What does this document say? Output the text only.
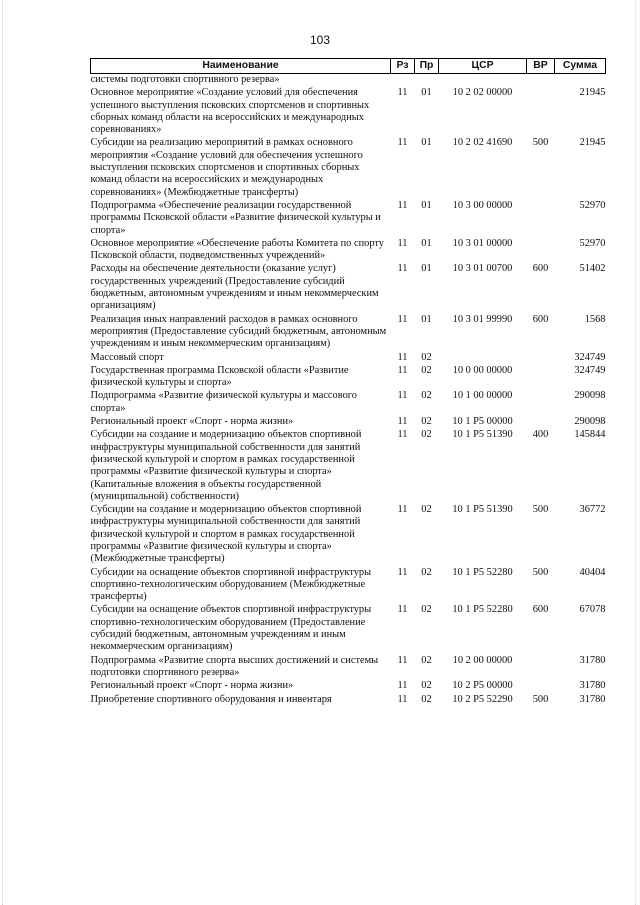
103
Наименование	Рз	Пр	ЦСР	ВР	Сумма
системы подготовки спортивного резерва»					
Основное мероприятие «Создание условий для обеспечения успешного выступления псковских спортсменов и спортивных сборных команд области на всероссийских и международных соревнованиях»	11	01	10 2 02 00000		21945
Субсидии на реализацию мероприятий в рамках основного мероприятия «Создание условий для обеспечения успешного выступления псковских спортсменов и спортивных сборных команд области на всероссийских и международных соревнованиях» (Межбюджетные трансферты)	11	01	10 2 02 41690	500	21945
Подпрограмма «Обеспечение реализации государственной программы Псковской области «Развитие физической культуры и спорта»	11	01	10 3 00 00000		52970
Основное мероприятие «Обеспечение работы Комитета по спорту Псковской области, подведомственных учреждений»	11	01	10 3 01 00000		52970
Расходы на обеспечение деятельности (оказание услуг) государственных учреждений (Предоставление субсидий бюджетным, автономным учреждениям и иным некоммерческим организациям)	11	01	10 3 01 00700	600	51402
Реализация иных направлений расходов в рамках основного мероприятия (Предоставление субсидий бюджетным, автономным учреждениям и иным некоммерческим организациям)	11	01	10 3 01 99990	600	1568
Массовый спорт	11	02			324749
Государственная программа Псковской области «Развитие физической культуры и спорта»	11	02	10 0 00 00000		324749
Подпрограмма «Развитие физической культуры и массового спорта»	11	02	10 1 00 00000		290098
Региональный проект «Спорт - норма жизни»	11	02	10 1 P5 00000		290098
Субсидии на создание и модернизацию объектов спортивной инфраструктуры муниципальной собственности для занятий физической культурой и спортом в рамках государственной программы «Развитие физической культуры и спорта» (Капитальные вложения в объекты государственной (муниципальной) собственности)	11	02	10 1 P5 51390	400	145844
Субсидии на создание и модернизацию объектов спортивной инфраструктуры муниципальной собственности для занятий физической культурой и спортом в рамках государственной программы «Развитие физической культуры и спорта» (Межбюджетные трансферты)	11	02	10 1 P5 51390	500	36772
Субсидии на оснащение объектов спортивной инфраструктуры спортивно-технологическим оборудованием (Межбюджетные трансферты)	11	02	10 1 P5 52280	500	40404
Субсидии на оснащение объектов спортивной инфраструктуры спортивно-технологическим оборудованием (Предоставление субсидий бюджетным, автономным учреждениям и иным некоммерческим организациям)	11	02	10 1 P5 52280	600	67078
Подпрограмма «Развитие спорта высших достижений и системы подготовки спортивного резерва»	11	02	10 2 00 00000		31780
Региональный проект «Спорт - норма жизни»	11	02	10 2 P5 00000		31780
Приобретение спортивного оборудования и инвентаря	11	02	10 2 P5 52290	500	31780
